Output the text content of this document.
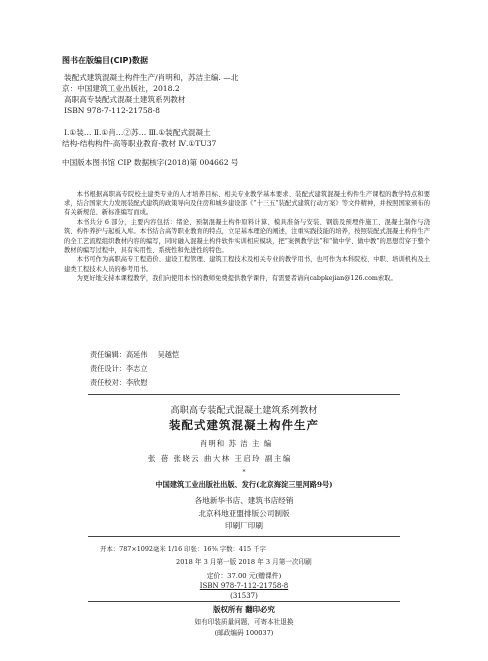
图书在版编目(CIP)数据
装配式建筑混凝土构件生产/肖明和，苏洁主编. —北
京：中国建筑工业出版社，2018.2
高职高专装配式混凝土建筑系列教材
ISBN 978-7-112-21758-8
Ⅰ.①装… Ⅱ.①肖…②苏… Ⅲ.①装配式混凝土
结构-结构构件-高等职业教育-教材 Ⅳ.①TU37
中国版本图书馆 CIP 数据核字(2018)第 004662 号

本书根据高职高专院校土建类专业的人才培养目标、相关专业教学基本要求、装配式建筑混凝土构件生产课程的教学特点和要求，结合国家大力发展装配式建筑的政策导向及住房和城乡建设部《“十三五”装配式建筑行动方案》等文件精神，并按照国家颁布的有关新规范、新标准编写而成。

本书共分 6 部分，主要内容包括：绪论、预制混凝土构件原料计算、模具准备与安装、钢筋及预埋件施工、混凝土制作与浇筑、构件养护与起板入库。本书结合高等职业教育的特点，立足基本理论的阐述，注重实践技能的培养，按照装配式混凝土构件生产的全工艺流程组织教材内容的编写，同时融入混凝土构件软件实训相应模块，把“案例教学法”和“做中学、做中教”的思想贯穿于整个教材的编写过程中，具有实用性、系统性和先进性的特色。

本书可作为高职高专工程造价、建设工程管理、建筑工程技术及相关专业的教学用书，也可作为本科院校、中职、培训机构及土建类工程技术人员的参考用书。

为更好地支持本课程教学，我们向使用本书的教师免费提供教学课件，有需要者请向cabpkejian@126.com索取。

责任编辑：高延伟 吴越恺
责任设计：李志立
责任校对：李欣慰
高职高专装配式混凝土建筑系列教材
装配式建筑混凝土构件生产
肖明和 苏 洁 主 编
张 蓓 张晓云 曲大林 王启玲 副主编
*
中国建筑工业出版社出版、发行(北京海淀三里河路9号)
各地新华书店、建筑书店经销
北京科地亚盟排版公司制版
印刷厂印刷
开本：787×1092毫米 1/16 印张：16⅜ 字数：415 千字
2018 年 3 月第一版 2018 年 3 月第一次印刷
定价：37.00 元(赠课件)
ISBN 978-7-112-21758-8
(31537)
版权所有 翻印必究
如有印装质量问题，可寄本社退换
(邮政编码 100037)
